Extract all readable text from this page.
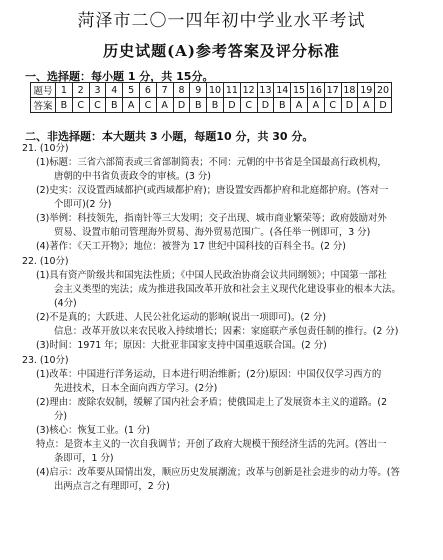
菏泽市二〇一四年初中学业水平考试
历史试题(A)参考答案及评分标准
一、选择题：每小题 1 分，共 15分。
题号	1	2	3	4	5	6	7	8	9	10	11	12	13	14	15	16	17	18	19	20
答案	B	C	C	B	A	C	A	D	B	B	D	C	D	B	A	A	C	D	A	D
二、非选择题：本大题共 3 小题，每题10 分，共 30 分。
21. (10分)
(1)标题：三省六部简表或三省部制简表；不同：元朝的中书省是全国最高行政机构，
唐朝的中书省负责政令的审核。(3 分)
(2)史实：汉设置西域都护(或西域都护府)；唐设置安西都护府和北庭都护府。(答对一
个即可)(2 分)
(3)举例：科技领先，指南针等三大发明；交子出现、城市商业繁荣等；政府鼓励对外
贸易、设置市舶司管理海外贸易、海外贸易范围广。(各任举一例即可，3 分)
(4)著作：《天工开物》；地位：被誉为 17 世纪中国科技的百科全书。(2 分)
22. (10分)
(1)具有资产阶级共和国宪法性质；《中国人民政治协商会议共同纲领》；中国第一部社
会主义类型的宪法；成为推进我国改革开放和社会主义现代化建设事业的根本大法。
(4分)
(2)不是真的；大跃进、人民公社化运动的影响(说出一项即可)。(2 分)
信息：改革开放以来农民收入持续增长；因素：家庭联产承包责任制的推行。(2 分)
(3)时间：1971 年；原因：大批亚非国家支持中国重返联合国。(2 分)
23. (10分)
(1)改革：中国进行洋务运动，日本进行明治维新；(2分)原因：中国仅仅学习西方的
先进技术，日本全面向西方学习。(2分)
(2)理由：废除农奴制，缓解了国内社会矛盾；使俄国走上了发展资本主义的道路。(2
分)
(3)核心：恢复工业。(1 分)
特点：是资本主义的一次自我调节；开创了政府大规模干预经济生活的先河。(答出一
条即可，1 分)
(4)启示：改革要从国情出发，顺应历史发展潮流；改革与创新是社会进步的动力等。(答
出两点言之有理即可，2 分)
